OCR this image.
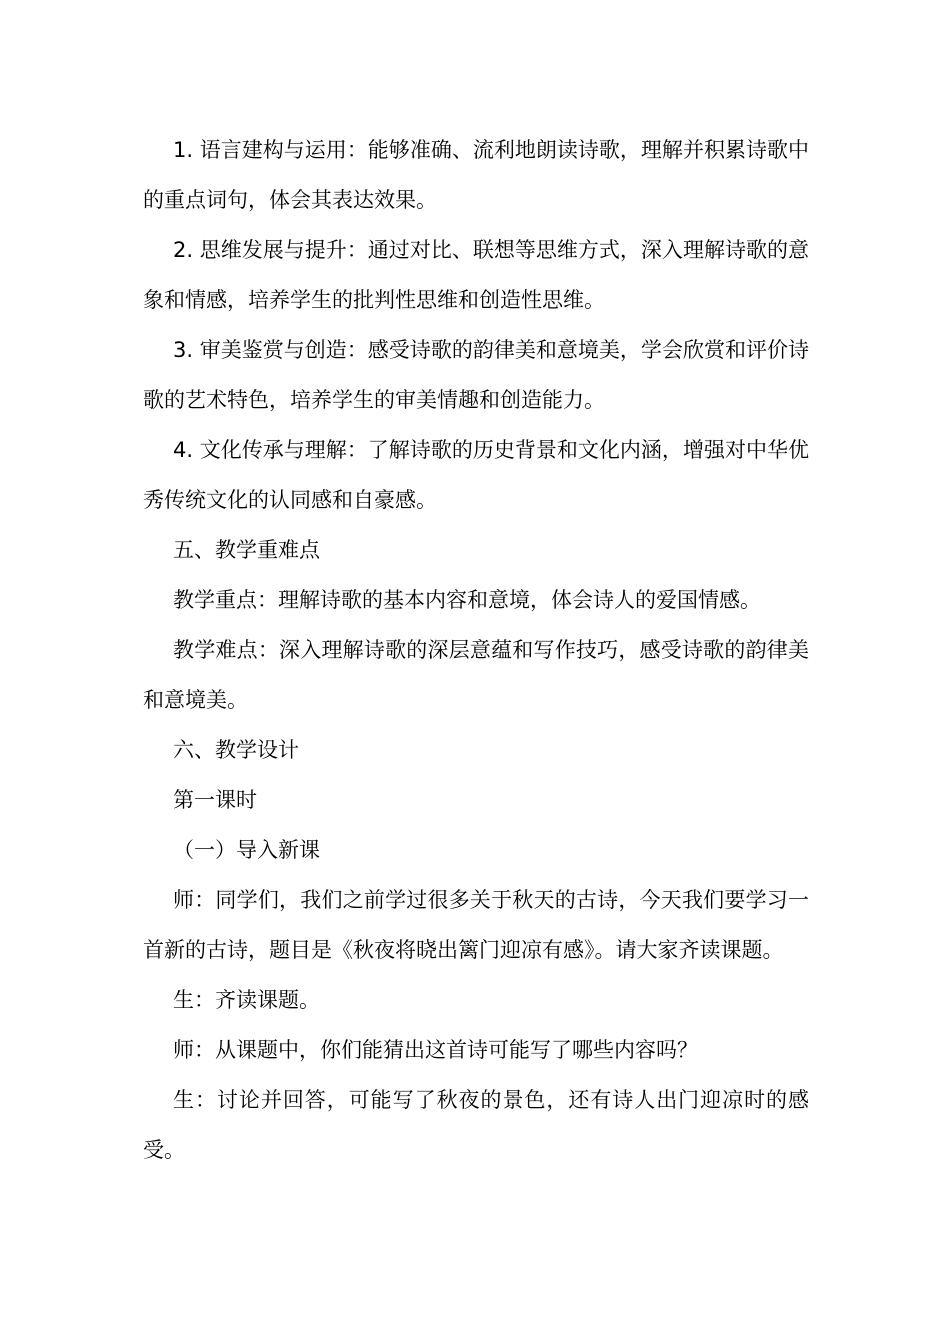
1. 语言建构与运用：能够准确、流利地朗读诗歌，理解并积累诗歌中的重点词句，体会其表达效果。

2. 思维发展与提升：通过对比、联想等思维方式，深入理解诗歌的意象和情感，培养学生的批判性思维和创造性思维。

3. 审美鉴赏与创造：感受诗歌的韵律美和意境美，学会欣赏和评价诗歌的艺术特色，培养学生的审美情趣和创造能力。

4. 文化传承与理解：了解诗歌的历史背景和文化内涵，增强对中华优秀传统文化的认同感和自豪感。

五、教学重难点

教学重点：理解诗歌的基本内容和意境，体会诗人的爱国情感。

教学难点：深入理解诗歌的深层意蕴和写作技巧，感受诗歌的韵律美和意境美。

六、教学设计

第一课时

（一）导入新课

师：同学们，我们之前学过很多关于秋天的古诗，今天我们要学习一首新的古诗，题目是《秋夜将晓出篱门迎凉有感》。请大家齐读课题。

生：齐读课题。

师：从课题中，你们能猜出这首诗可能写了哪些内容吗？

生：讨论并回答，可能写了秋夜的景色，还有诗人出门迎凉时的感受。
